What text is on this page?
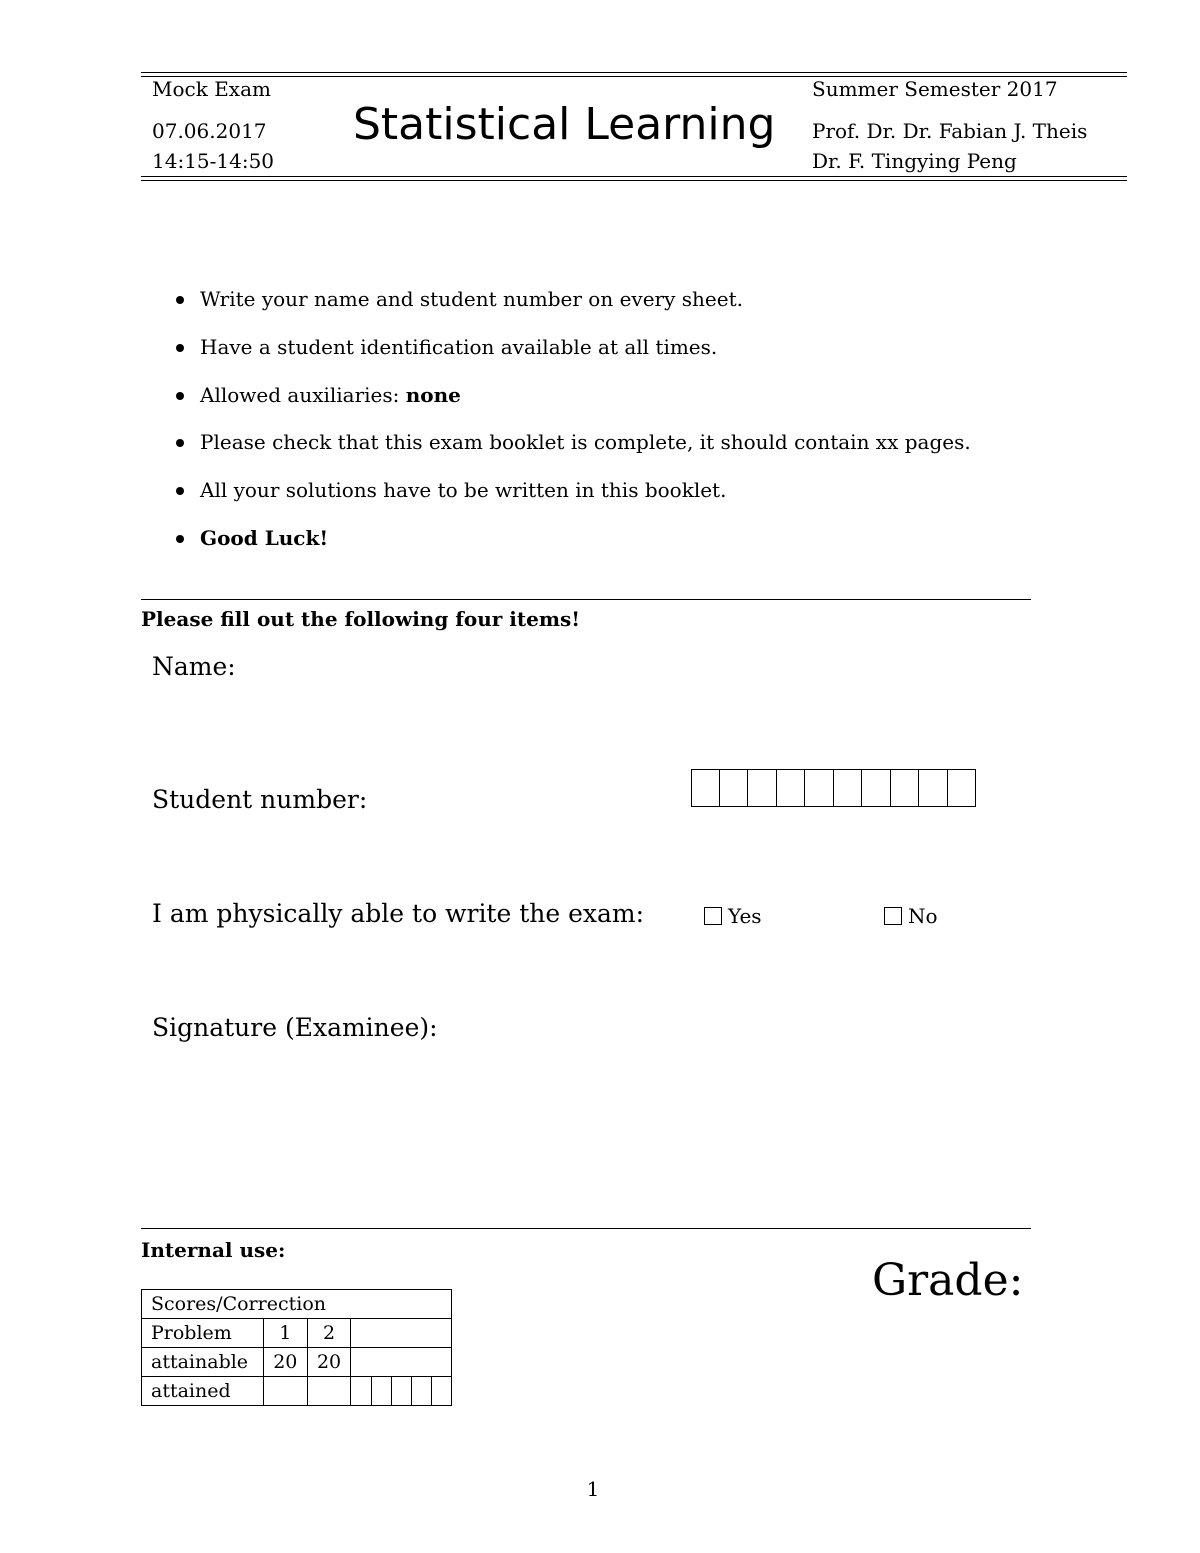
Mock Exam
07.06.2017
14:15-14:50
Statistical Learning
Summer Semester 2017
Prof. Dr. Dr. Fabian J. Theis
Dr. F. Tingying Peng
Write your name and student number on every sheet.
Have a student identification available at all times.
Allowed auxiliaries: none
Please check that this exam booklet is complete, it should contain xx pages.
All your solutions have to be written in this booklet.
Good Luck!
Please fill out the following four items!
Name:
Student number:
I am physically able to write the exam:	Yes	No
Signature (Examinee):
Internal use:
Grade:
Scores/Correction							
Problem	1	2					
attainable	20	20					
attained							
1
